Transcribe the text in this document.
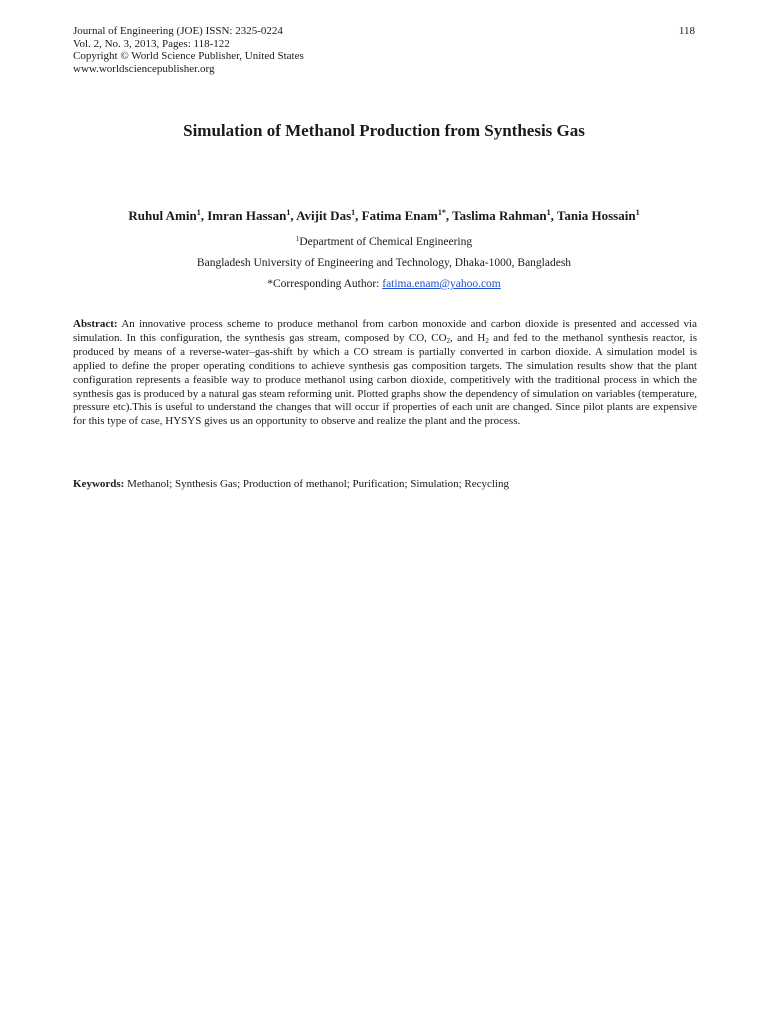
Journal of Engineering (JOE) ISSN: 2325-0224
Vol. 2, No. 3, 2013, Pages: 118-122
Copyright © World Science Publisher, United States
www.worldsciencepublisher.org
118
Simulation of Methanol Production from Synthesis Gas
Ruhul Amin$^1$, Imran Hassan$^1$, Avijit Das$^1$, Fatima Enam$^{1*}$, Taslima Rahman$^1$, Tania Hossain$^1$
$^1$Department of Chemical Engineering
Bangladesh University of Engineering and Technology, Dhaka-1000, Bangladesh
*Corresponding Author: fatima.enam@yahoo.com
Abstract: An innovative process scheme to produce methanol from carbon monoxide and carbon dioxide is presented and accessed via simulation. In this configuration, the synthesis gas stream, composed by CO, $CO_2$, and $H_2$ and fed to the methanol synthesis reactor, is produced by means of a reverse-water–gas-shift by which a CO stream is partially converted in carbon dioxide. A simulation model is applied to define the proper operating conditions to achieve synthesis gas composition targets. The simulation results show that the plant configuration represents a feasible way to produce methanol using carbon dioxide, competitively with the traditional process in which the synthesis gas is produced by a natural gas steam reforming unit. Plotted graphs show the dependency of simulation on variables (temperature, pressure etc).This is useful to understand the changes that will occur if properties of each unit are changed. Since pilot plants are expensive for this type of case, HYSYS gives us an opportunity to observe and realize the plant and the process.
Keywords: Methanol; Synthesis Gas; Production of methanol; Purification; Simulation; Recycling
